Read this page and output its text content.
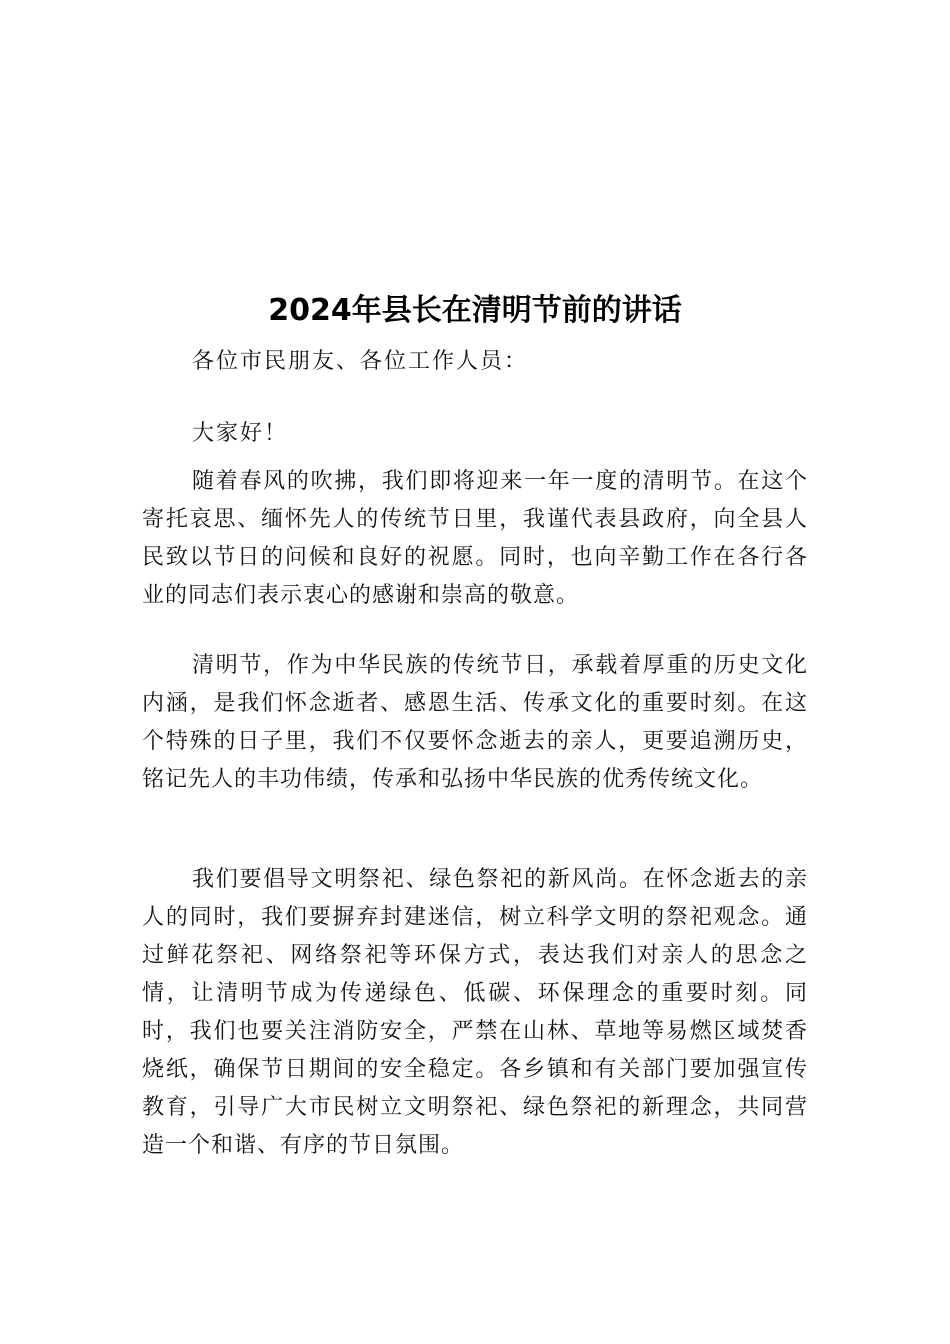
2024年县长在清明节前的讲话
各位市民朋友、各位工作人员：
大家好！

随着春风的吹拂，我们即将迎来一年一度的清明节。在这个寄托哀思、缅怀先人的传统节日里，我谨代表县政府，向全县人民致以节日的问候和良好的祝愿。同时，也向辛勤工作在各行各业的同志们表示衷心的感谢和崇高的敬意。

清明节，作为中华民族的传统节日，承载着厚重的历史文化内涵，是我们怀念逝者、感恩生活、传承文化的重要时刻。在这个特殊的日子里，我们不仅要怀念逝去的亲人，更要追溯历史，铭记先人的丰功伟绩，传承和弘扬中华民族的优秀传统文化。

我们要倡导文明祭祀、绿色祭祀的新风尚。在怀念逝去的亲人的同时，我们要摒弃封建迷信，树立科学文明的祭祀观念。通过鲜花祭祀、网络祭祀等环保方式，表达我们对亲人的思念之情，让清明节成为传递绿色、低碳、环保理念的重要时刻。同时，我们也要关注消防安全，严禁在山林、草地等易燃区域焚香烧纸，确保节日期间的安全稳定。各乡镇和有关部门要加强宣传教育，引导广大市民树立文明祭祀、绿色祭祀的新理念，共同营造一个和谐、有序的节日氛围。
